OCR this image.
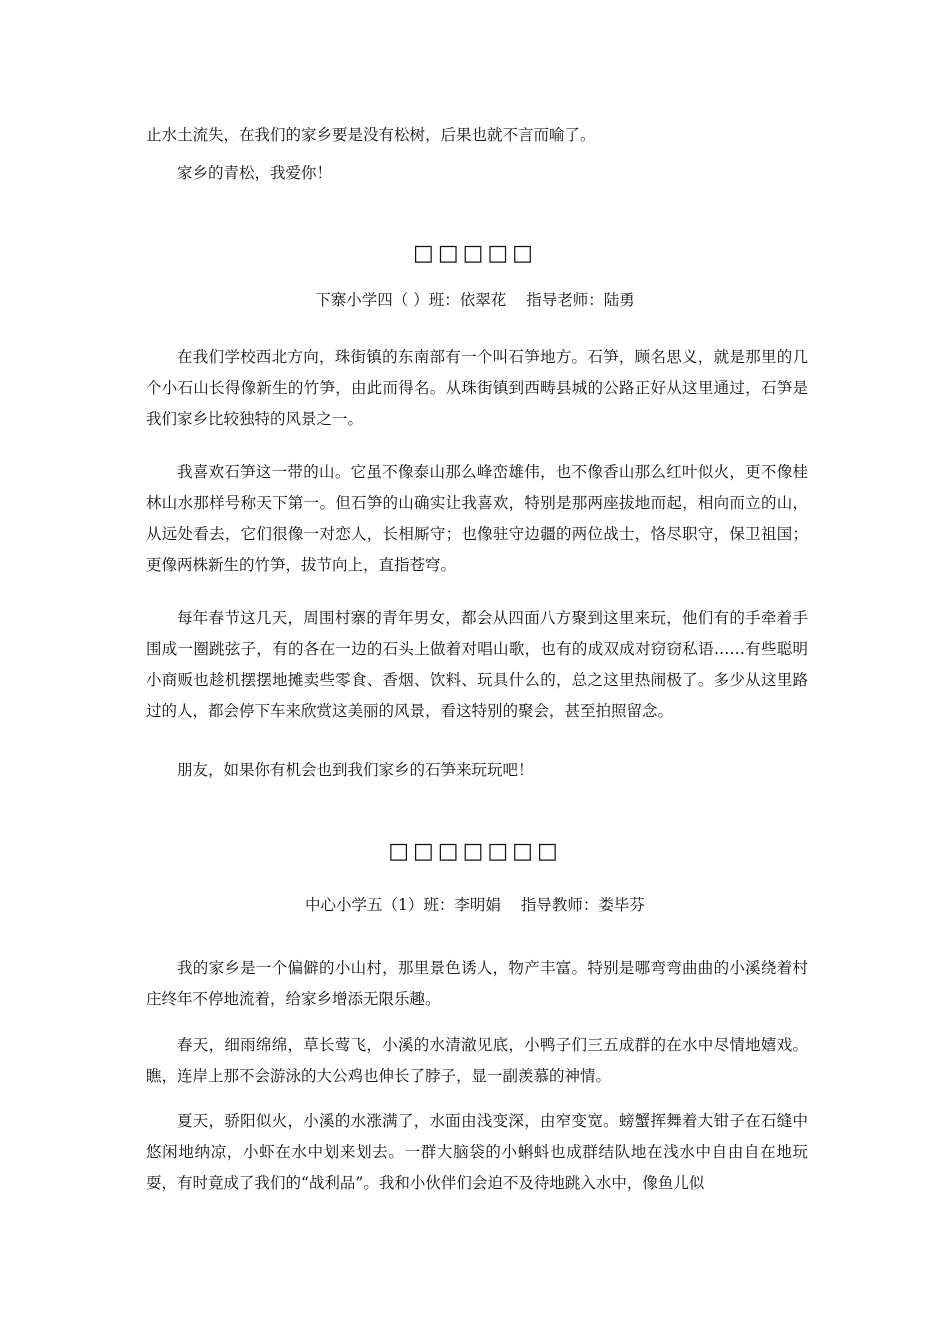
止水土流失，在我们的家乡要是没有松树，后果也就不言而喻了。

家乡的青松，我爱你！

□□□□□

下寨小学四（ ）班：依翠花 指导老师：陆勇

在我们学校西北方向，珠街镇的东南部有一个叫石笋地方。石笋，顾名思义，就是那里的几个小石山长得像新生的竹笋，由此而得名。从珠街镇到西畴县城的公路正好从这里通过，石笋是我们家乡比较独特的风景之一。

我喜欢石笋这一带的山。它虽不像泰山那么峰峦雄伟，也不像香山那么红叶似火，更不像桂林山水那样号称天下第一。但石笋的山确实让我喜欢，特别是那两座拔地而起，相向而立的山，从远处看去，它们很像一对恋人，长相厮守；也像驻守边疆的两位战士，恪尽职守，保卫祖国；更像两株新生的竹笋，拔节向上，直指苍穹。

每年春节这几天，周围村寨的青年男女，都会从四面八方聚到这里来玩，他们有的手牵着手围成一圈跳弦子，有的各在一边的石头上做着对唱山歌，也有的成双成对窃窃私语……有些聪明小商贩也趁机摆摆地摊卖些零食、香烟、饮料、玩具什么的，总之这里热闹极了。多少从这里路过的人，都会停下车来欣赏这美丽的风景，看这特别的聚会，甚至拍照留念。

朋友，如果你有机会也到我们家乡的石笋来玩玩吧！

□□□□□□□

中心小学五（1）班：李明娟 指导教师：娄毕芬

我的家乡是一个偏僻的小山村，那里景色诱人，物产丰富。特别是哪弯弯曲曲的小溪绕着村庄终年不停地流着，给家乡增添无限乐趣。

春天，细雨绵绵，草长莺飞，小溪的水清澈见底，小鸭子们三五成群的在水中尽情地嬉戏。瞧，连岸上那不会游泳的大公鸡也伸长了脖子，显一副羡慕的神情。

夏天，骄阳似火，小溪的水涨满了，水面由浅变深，由窄变宽。螃蟹挥舞着大钳子在石缝中悠闲地纳凉，小虾在水中划来划去。一群大脑袋的小蝌蚪也成群结队地在浅水中自由自在地玩耍，有时竟成了我们的“战利品”。我和小伙伴们会迫不及待地跳入水中，像鱼儿似
